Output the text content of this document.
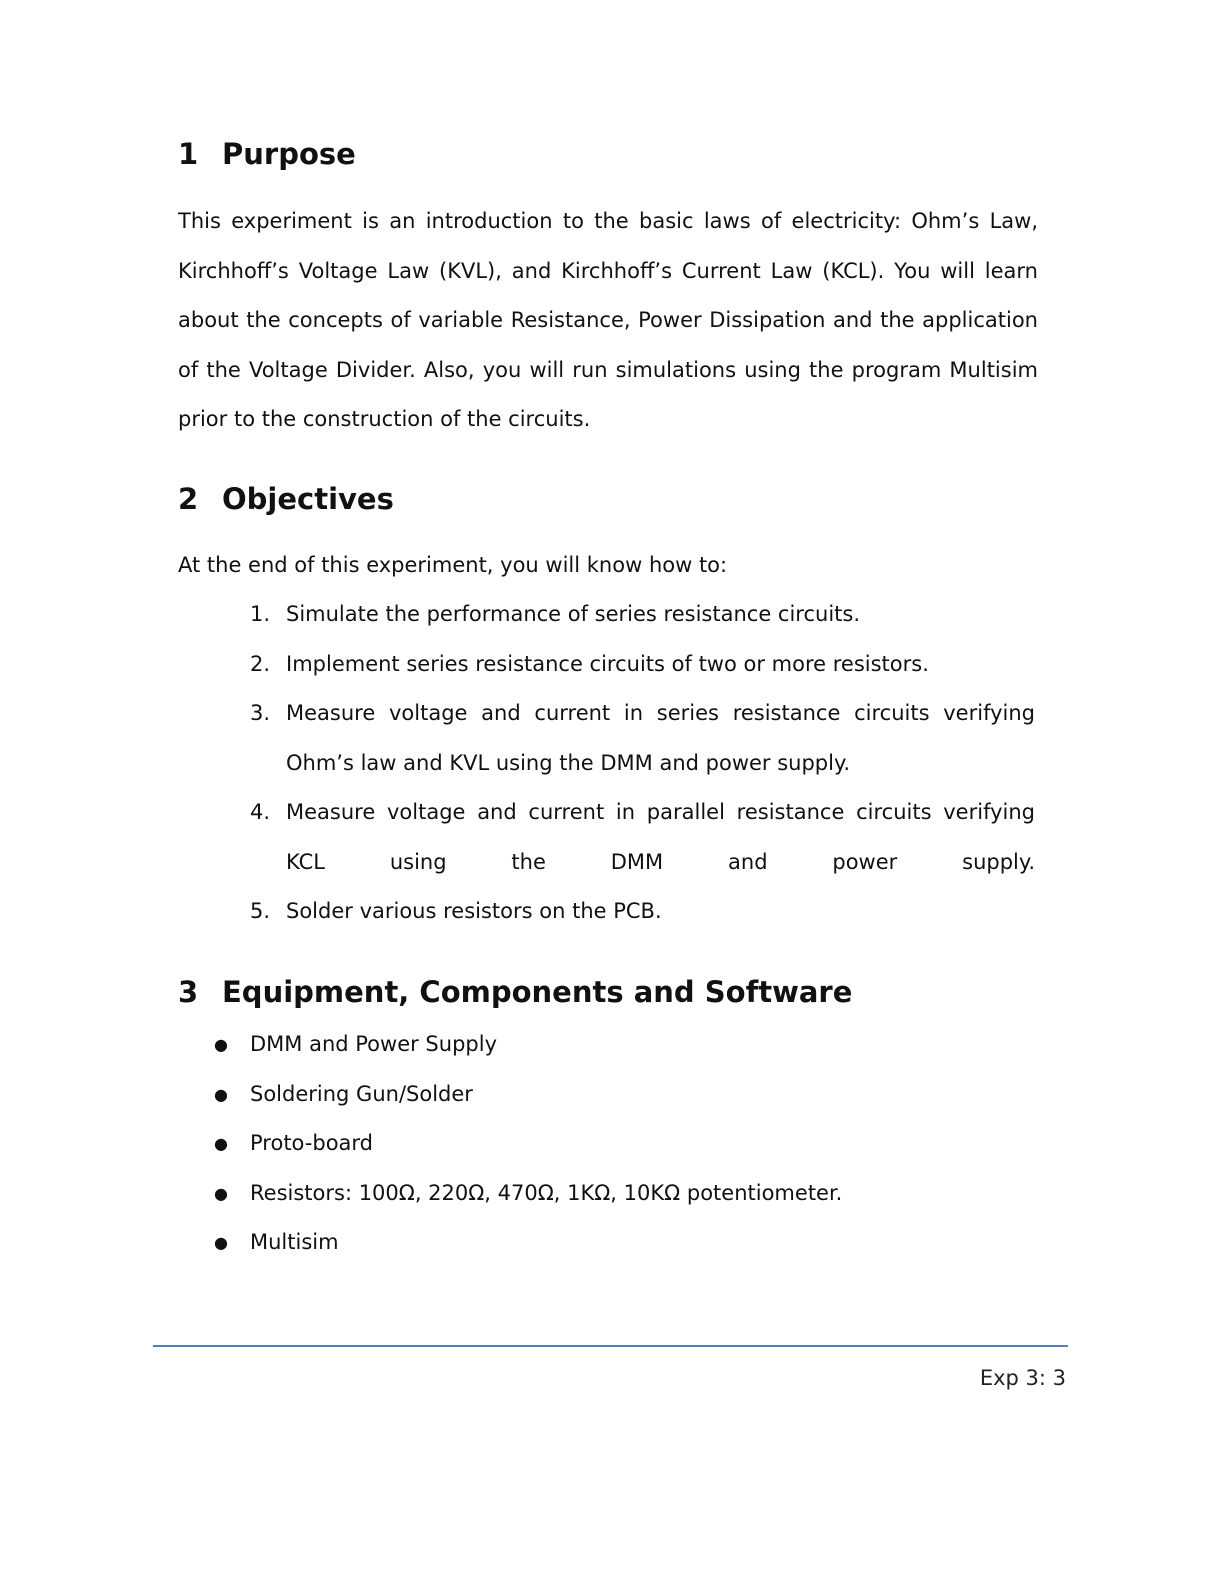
1 Purpose

This experiment is an introduction to the basic laws of electricity: Ohm’s Law, Kirchhoff’s Voltage Law (KVL), and Kirchhoff’s Current Law (KCL). You will learn about the concepts of variable Resistance, Power Dissipation and the application of the Voltage Divider. Also, you will run simulations using the program Multisim prior to the construction of the circuits.

2 Objectives

At the end of this experiment, you will know how to:

1. Simulate the performance of series resistance circuits.
2. Implement series resistance circuits of two or more resistors.
3. Measure voltage and current in series resistance circuits verifying Ohm’s law and KVL using the DMM and power supply.
4. Measure voltage and current in parallel resistance circuits verifying KCL using the DMM and power supply.
5. Solder various resistors on the PCB.
3 Equipment, Components and Software
● DMM and Power Supply
● Soldering Gun/Solder
● Proto-board
● Resistors: 100Ω, 220Ω, 470Ω, 1KΩ, 10KΩ potentiometer.
● Multisim
Exp 3: 3
